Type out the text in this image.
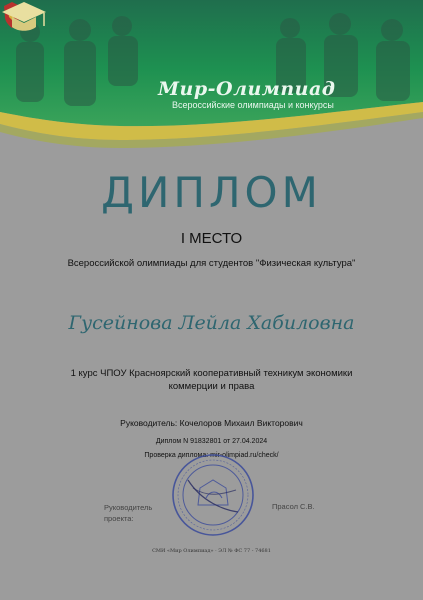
Мир-Олимпиад
Всероссийские олимпиады и конкурсы
ДИПЛОМ
I МЕСТО
Всероссийской олимпиады для студентов "Физическая культура"
Гусейнова Лейла Хабиловна
1 курс ЧПОУ Красноярский кооперативный техникум экономики коммерции и права
Руководитель: Кочелоров Михаил Викторович
Диплом N 91832801 от 27.04.2024
Проверка диплома: mir-olimpiad.ru/check/
Руководитель проекта:
Прасол С.В.
СМИ «Мир Олимпиад» · ЭЛ № ФС 77 - 74681
